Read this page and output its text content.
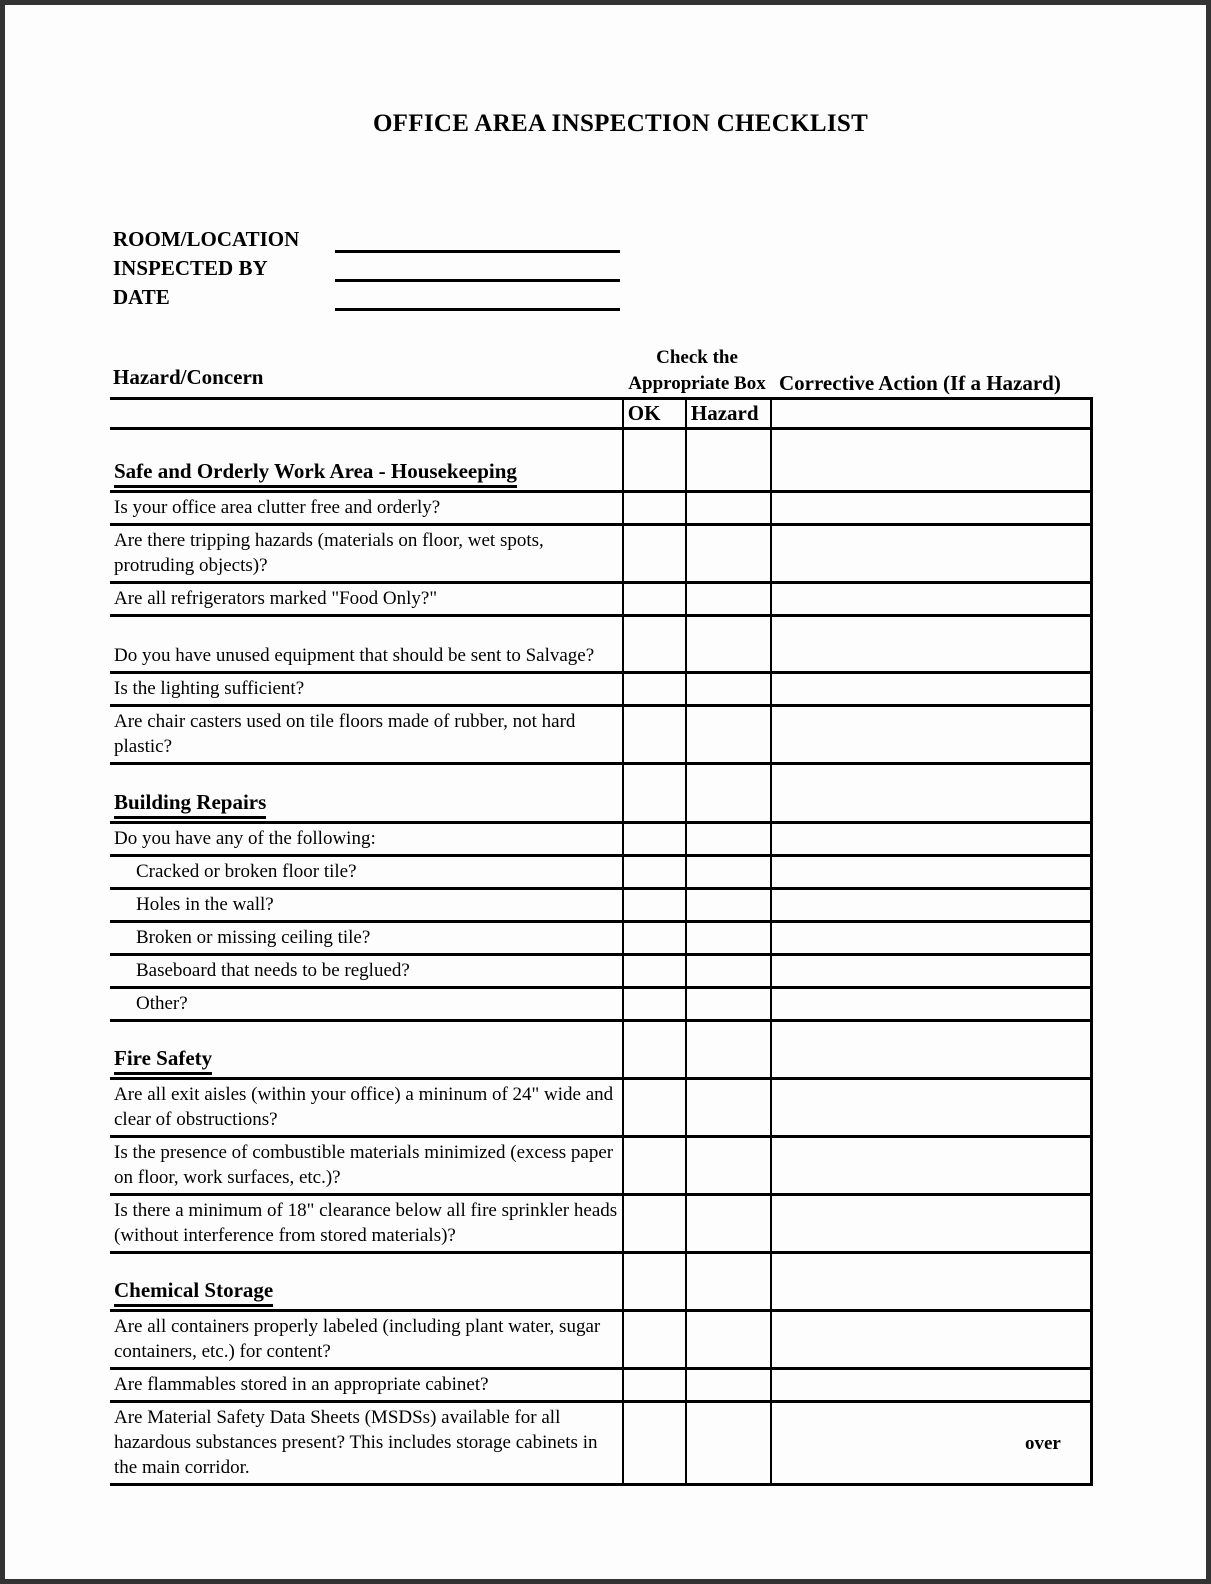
OFFICE AREA INSPECTION CHECKLIST
ROOM/LOCATION
INSPECTED BY
DATE
Hazard/Concern
Check the
Appropriate Box Corrective Action (If a Hazard)
	OK	Hazard	
Safe and Orderly Work Area - Housekeeping			
Is your office area clutter free and orderly?			
Are there tripping hazards (materials on floor, wet spots, protruding objects)?			
Are all refrigerators marked "Food Only?"			
Do you have unused equipment that should be sent to Salvage?			
Is the lighting sufficient?			
Are chair casters used on tile floors made of rubber, not hard plastic?			
Building Repairs			
Do you have any of the following:			
Cracked or broken floor tile?			
Holes in the wall?			
Broken or missing ceiling tile?			
Baseboard that needs to be reglued?			
Other?			
Fire Safety			
Are all exit aisles (within your office) a mininum of 24" wide and clear of obstructions?			
Is the presence of combustible materials minimized (excess paper on floor, work surfaces, etc.)?			
Is there a minimum of 18" clearance below all fire sprinkler heads (without interference from stored materials)?			
Chemical Storage			
Are all containers properly labeled (including plant water, sugar containers, etc.) for content?			
Are flammables stored in an appropriate cabinet?			
Are Material Safety Data Sheets (MSDSs) available for all hazardous substances present? This includes storage cabinets in the main corridor.			
over
